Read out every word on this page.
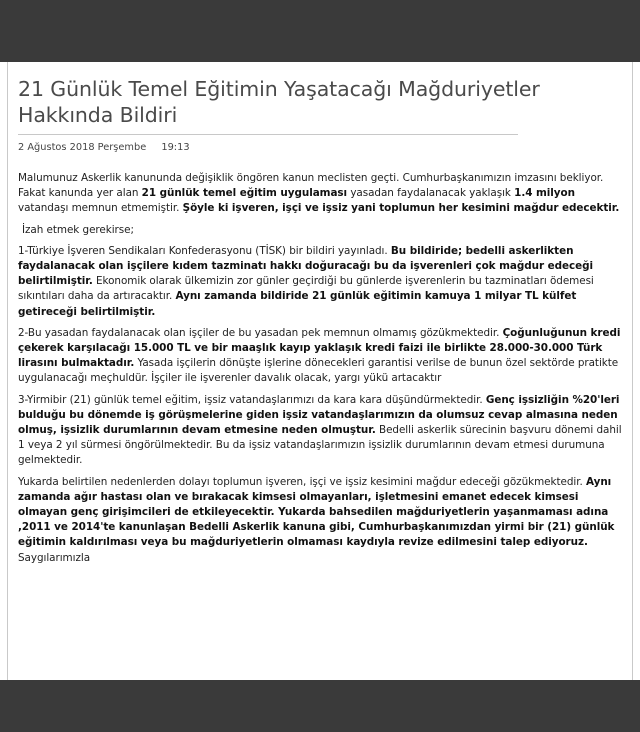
21 Günlük Temel Eğitimin Yaşatacağı Mağduriyetler
Hakkında Bildiri
2 Ağustos 2018 Perşembe 19:13

Malumunuz Askerlik kanununda değişiklik öngören kanun meclisten geçti. Cumhurbaşkanımızın imzasını bekliyor. Fakat kanunda yer alan 21 günlük temel eğitim uygulaması yasadan faydalanacak yaklaşık 1.4 milyon vatandaşı memnun etmemiştir. Şöyle ki işveren, işçi ve işsiz yani toplumun her kesimini mağdur edecektir.

İzah etmek gerekirse;

1-Türkiye İşveren Sendikaları Konfederasyonu (TİSK) bir bildiri yayınladı. Bu bildiride; bedelli askerlikten faydalanacak olan işçilere kıdem tazminatı hakkı doğuracağı bu da işverenleri çok mağdur edeceği belirtilmiştir. Ekonomik olarak ülkemizin zor günler geçirdiği bu günlerde işverenlerin bu tazminatları ödemesi sıkıntıları daha da artıracaktır. Aynı zamanda bildiride 21 günlük eğitimin kamuya 1 milyar TL külfet getireceği belirtilmiştir.

2-Bu yasadan faydalanacak olan işçiler de bu yasadan pek memnun olmamış gözükmektedir. Çoğunluğunun kredi çekerek karşılacağı 15.000 TL ve bir maaşlık kayıp yaklaşık kredi faizi ile birlikte 28.000-30.000 Türk lirasını bulmaktadır. Yasada işçilerin dönüşte işlerine dönecekleri garantisi verilse de bunun özel sektörde pratikte uygulanacağı meçhuldür. İşçiler ile işverenler davalık olacak, yargı yükü artacaktır

3-Yirmibir (21) günlük temel eğitim, işsiz vatandaşlarımızı da kara kara düşündürmektedir. Genç işsizliğin %20'leri bulduğu bu dönemde iş görüşmelerine giden işsiz vatandaşlarımızın da olumsuz cevap almasına neden olmuş, işsizlik durumlarının devam etmesine neden olmuştur. Bedelli askerlik sürecinin başvuru dönemi dahil 1 veya 2 yıl sürmesi öngörülmektedir. Bu da işsiz vatandaşlarımızın işsizlik durumlarının devam etmesi durumuna gelmektedir.

Yukarda belirtilen nedenlerden dolayı toplumun işveren, işçi ve işsiz kesimini mağdur edeceği gözükmektedir. Aynı zamanda ağır hastası olan ve bırakacak kimsesi olmayanları, işletmesini emanet edecek kimsesi olmayan genç girişimcileri de etkileyecektir. Yukarda bahsedilen mağduriyetlerin yaşanmaması adına ,2011 ve 2014'te kanunlaşan Bedelli Askerlik kanuna gibi, Cumhurbaşkanımızdan yirmi bir (21) günlük eğitimin kaldırılması veya bu mağduriyetlerin olmaması kaydıyla revize edilmesini talep ediyoruz.

Saygılarımızla
